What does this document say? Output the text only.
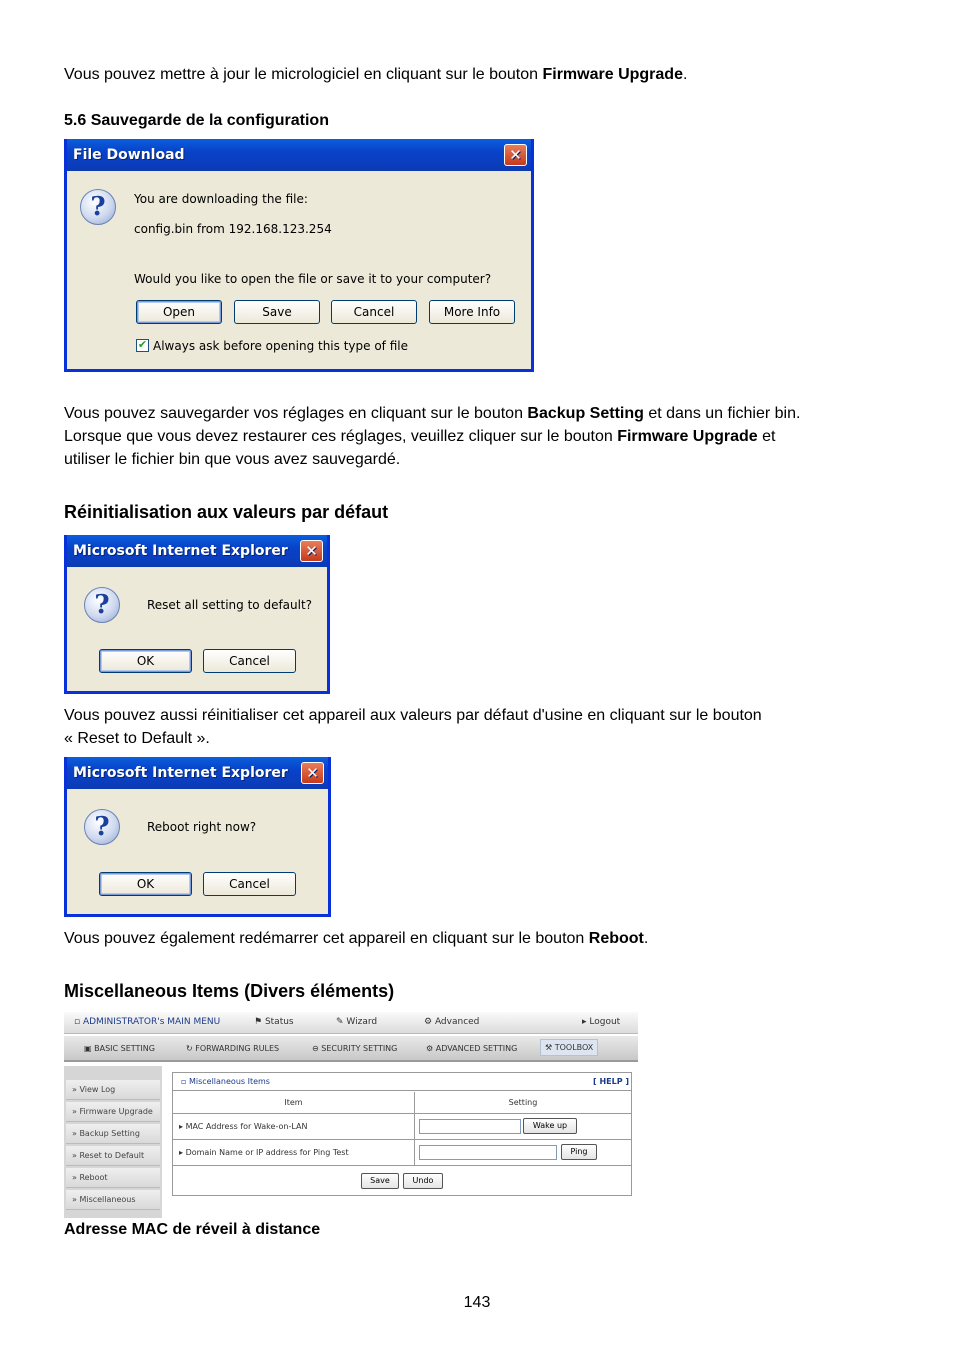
Vous pouvez mettre à jour le micrologiciel en cliquant sur le bouton Firmware Upgrade.
5.6 Sauvegarde de la configuration
File Download	✕
?	You are downloading the file:
config.bin from 192.168.123.254
Would you like to open the file or save it to your computer?
Open	Save	Cancel	More Info
✔ Always ask before opening this type of file
Vous pouvez sauvegarder vos réglages en cliquant sur le bouton Backup Setting et dans un fichier bin.
Lorsque que vous devez restaurer ces réglages, veuillez cliquer sur le bouton Firmware Upgrade et
utiliser le fichier bin que vous avez sauvegardé.
Réinitialisation aux valeurs par défaut
Microsoft Internet Explorer	✕
?	Reset all setting to default?
OK	Cancel
Vous pouvez aussi réinitialiser cet appareil aux valeurs par défaut d'usine en cliquant sur le bouton
« Reset to Default ».
Microsoft Internet Explorer	✕
?	Reboot right now?
OK	Cancel
Vous pouvez également redémarrer cet appareil en cliquant sur le bouton Reboot.
Miscellaneous Items (Divers éléments)
▫ ADMINISTRATOR's MAIN MENU	⚑ Status	✎ Wizard	⚙ Advanced	▸ Logout
▣ BASIC SETTING	↻ FORWARDING RULES	⊖ SECURITY SETTING	⚙ ADVANCED SETTING	⚒ TOOLBOX
» View Log
» Firmware Upgrade
» Backup Setting
» Reset to Default
» Reboot
» Miscellaneous
▫ Miscellaneous Items	[ HELP ]
Item	Setting
▸ MAC Address for Wake-on-LAN	Wake up
▸ Domain Name or IP address for Ping Test	Ping
Save	Undo
Adresse MAC de réveil à distance
143
